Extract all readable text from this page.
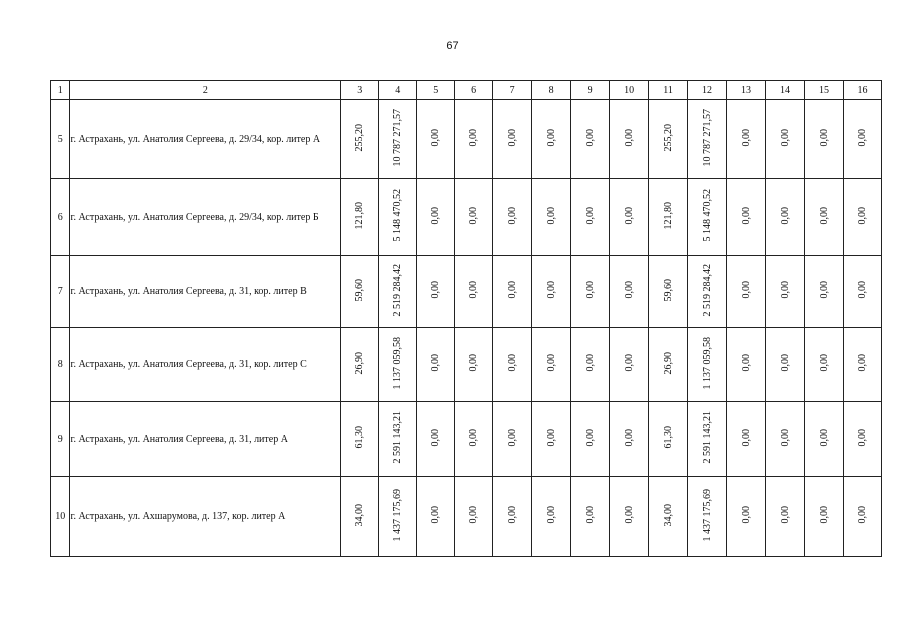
67
1	2	3	4	5	6	7	8	9	10	11	12	13	14	15	16
5	г. Астрахань, ул. Анатолия Сергеева, д. 29/34, кор. литер А	255,20	10 787 271,57	0,00	0,00	0,00	0,00	0,00	0,00	255,20	10 787 271,57	0,00	0,00	0,00	0,00
6	г. Астрахань, ул. Анатолия Сергеева, д. 29/34, кор. литер Б	121,80	5 148 470,52	0,00	0,00	0,00	0,00	0,00	0,00	121,80	5 148 470,52	0,00	0,00	0,00	0,00
7	г. Астрахань, ул. Анатолия Сергеева, д. 31, кор. литер В	59,60	2 519 284,42	0,00	0,00	0,00	0,00	0,00	0,00	59,60	2 519 284,42	0,00	0,00	0,00	0,00
8	г. Астрахань, ул. Анатолия Сергеева, д. 31, кор. литер С	26,90	1 137 059,58	0,00	0,00	0,00	0,00	0,00	0,00	26,90	1 137 059,58	0,00	0,00	0,00	0,00
9	г. Астрахань, ул. Анатолия Сергеева, д. 31, литер А	61,30	2 591 143,21	0,00	0,00	0,00	0,00	0,00	0,00	61,30	2 591 143,21	0,00	0,00	0,00	0,00
10	г. Астрахань, ул. Ахшарумова, д. 137, кор. литер А	34,00	1 437 175,69	0,00	0,00	0,00	0,00	0,00	0,00	34,00	1 437 175,69	0,00	0,00	0,00	0,00
